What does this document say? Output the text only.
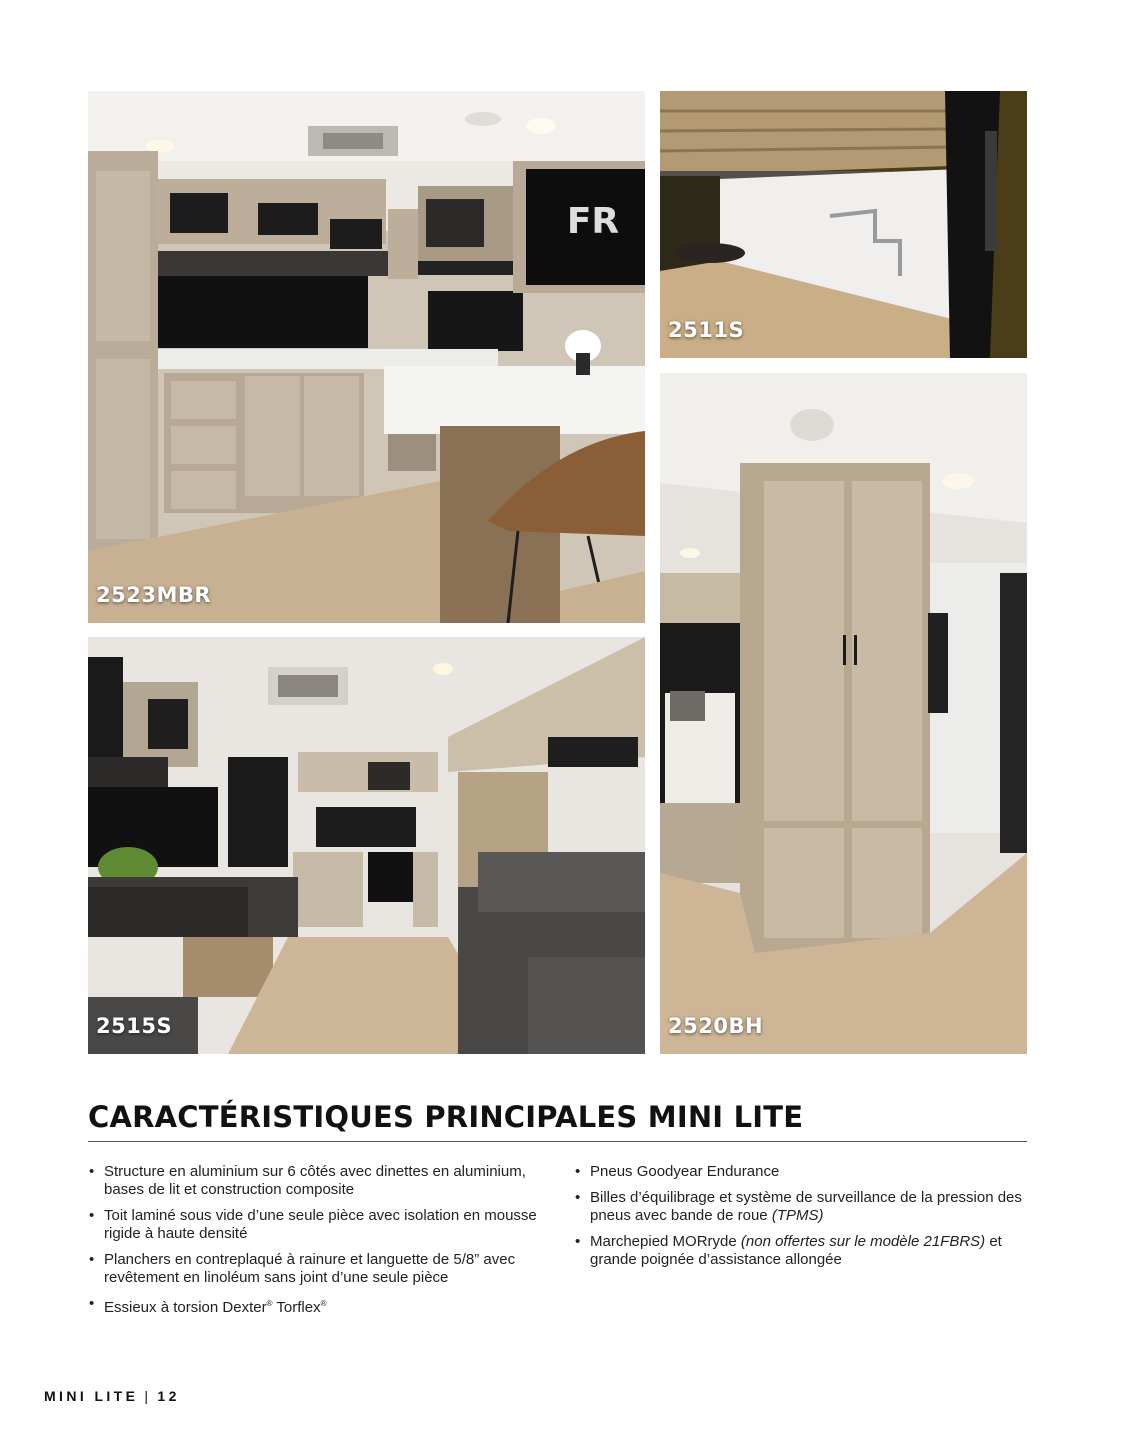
FR
2523MBR
2511S
2515S	2520BH
CARACTÉRISTIQUES PRINCIPALES MINI LITE
• Structure en aluminium sur 6 côtés avec dinettes en aluminium, bases de lit et construction composite
• Toit laminé sous vide d’une seule pièce avec isolation en mousse rigide à haute densité
• Planchers en contreplaqué à rainure et languette de 5/8” avec revêtement en linoléum sans joint d’une seule pièce
• Essieux à torsion Dexter® Torflex®
• Pneus Goodyear Endurance
• Billes d’équilibrage et système de surveillance de la pression des pneus avec bande de roue (TPMS)
• Marchepied MORryde (non offertes sur le modèle 21FBRS) et grande poignée d’assistance allongée
MINI LITE | 12
